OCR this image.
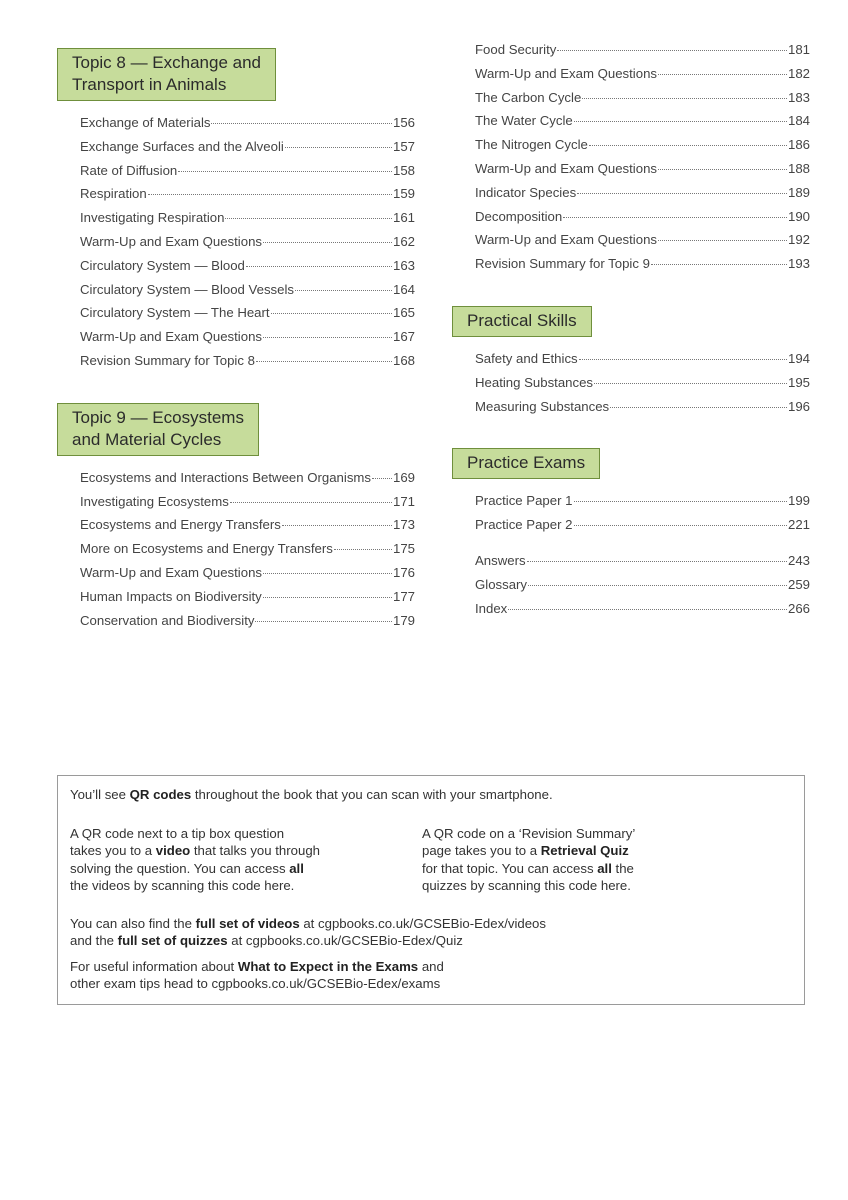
Topic 8 — Exchange and
Transport in Animals
Exchange of Materials	156
Exchange Surfaces and the Alveoli	157
Rate of Diffusion	158
Respiration	159
Investigating Respiration	161
Warm-Up and Exam Questions	162
Circulatory System — Blood	163
Circulatory System — Blood Vessels	164
Circulatory System — The Heart	165
Warm-Up and Exam Questions	167
Revision Summary for Topic 8	168
Topic 9 — Ecosystems
and Material Cycles
Ecosystems and Interactions Between Organisms 169
Investigating Ecosystems	171
Ecosystems and Energy Transfers	173
More on Ecosystems and Energy Transfers	175
Warm-Up and Exam Questions	176
Human Impacts on Biodiversity	177
Conservation and Biodiversity	179
Food Security	181
Warm-Up and Exam Questions	182
The Carbon Cycle	183
The Water Cycle	184
The Nitrogen Cycle	186
Warm-Up and Exam Questions	188
Indicator Species	189
Decomposition	190
Warm-Up and Exam Questions	192
Revision Summary for Topic 9	193
Practical Skills
Safety and Ethics	194
Heating Substances	195
Measuring Substances	196
Practice Exams
Practice Paper 1	199
Practice Paper 2	221
Answers	243
Glossary	259
Index	266

You’ll see QR codes throughout the book that you can scan with your smartphone.

A QR code next to a tip box question
takes you to a video that talks you through
solving the question. You can access all
the videos by scanning this code here.

A QR code on a ‘Revision Summary’
page takes you to a Retrieval Quiz
for that topic. You can access all the
quizzes by scanning this code here.

You can also find the full set of videos at cgpbooks.co.uk/GCSEBio-Edex/videos
and the full set of quizzes at cgpbooks.co.uk/GCSEBio-Edex/Quiz

For useful information about What to Expect in the Exams and
other exam tips head to cgpbooks.co.uk/GCSEBio-Edex/exams
